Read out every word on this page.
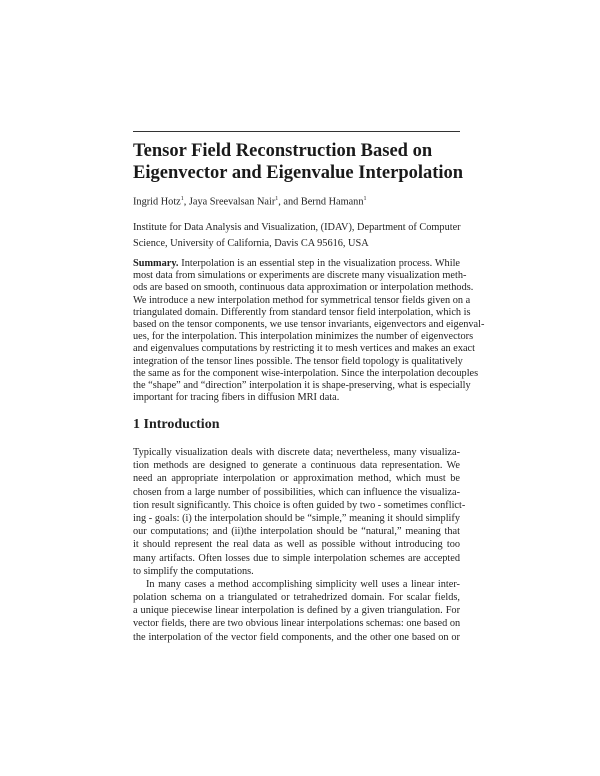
Tensor Field Reconstruction Based on
Eigenvector and Eigenvalue Interpolation
Ingrid Hotz$^1$, Jaya Sreevalsan Nair$^1$, and Bernd Hamann$^1$
Institute for Data Analysis and Visualization, (IDAV), Department of Computer
Science, University of California, Davis CA 95616, USA
Summary. Interpolation is an essential step in the visualization process. While
most data from simulations or experiments are discrete many visualization meth-
ods are based on smooth, continuous data approximation or interpolation methods.
We introduce a new interpolation method for symmetrical tensor fields given on a
triangulated domain. Differently from standard tensor field interpolation, which is
based on the tensor components, we use tensor invariants, eigenvectors and eigenval-
ues, for the interpolation. This interpolation minimizes the number of eigenvectors
and eigenvalues computations by restricting it to mesh vertices and makes an exact
integration of the tensor lines possible. The tensor field topology is qualitatively
the same as for the component wise-interpolation. Since the interpolation decouples
the “shape” and “direction” interpolation it is shape-preserving, what is especially
important for tracing fibers in diffusion MRI data.
1 Introduction
Typically visualization deals with discrete data; nevertheless, many visualiza-
tion methods are designed to generate a continuous data representation. We
need an appropriate interpolation or approximation method, which must be
chosen from a large number of possibilities, which can influence the visualiza-
tion result significantly. This choice is often guided by two - sometimes conflict-
ing - goals: (i) the interpolation should be “simple,” meaning it should simplify
our computations; and (ii)the interpolation should be “natural,” meaning that
it should represent the real data as well as possible without introducing too
many artifacts. Often losses due to simple interpolation schemes are accepted
to simplify the computations.
In many cases a method accomplishing simplicity well uses a linear inter-
polation schema on a triangulated or tetrahedrized domain. For scalar fields,
a unique piecewise linear interpolation is defined by a given triangulation. For
vector fields, there are two obvious linear interpolations schemas: one based on
the interpolation of the vector field components, and the other one based on or
